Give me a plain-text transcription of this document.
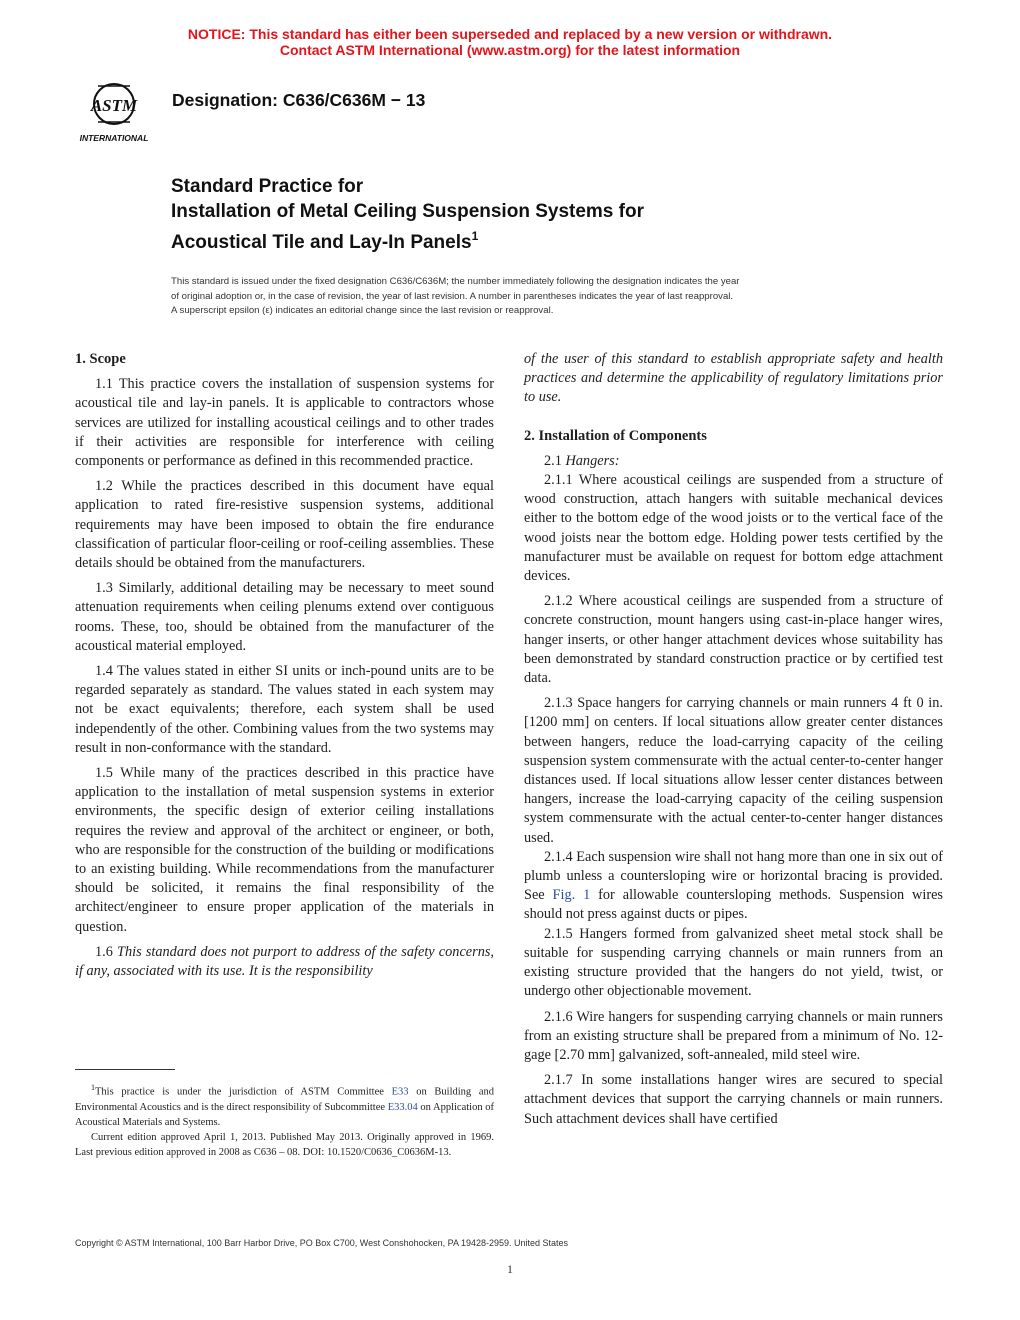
NOTICE: This standard has either been superseded and replaced by a new version or withdrawn.
Contact ASTM International (www.astm.org) for the latest information
ASTM
INTERNATIONAL
Designation: C636/C636M − 13
Standard Practice for
Installation of Metal Ceiling Suspension Systems for
Acoustical Tile and Lay-In Panels$^1$
This standard is issued under the fixed designation C636/C636M; the number immediately following the designation indicates the year
of original adoption or, in the case of revision, the year of last revision. A number in parentheses indicates the year of last reapproval.
A superscript epsilon (ε) indicates an editorial change since the last revision or reapproval.
1. Scope

1.1 This practice covers the installation of suspension systems for acoustical tile and lay-in panels. It is applicable to contractors whose services are utilized for installing acoustical ceilings and to other trades if their activities are responsible for interference with ceiling components or performance as defined in this recommended practice.

1.2 While the practices described in this document have equal application to rated fire-resistive suspension systems, additional requirements may have been imposed to obtain the fire endurance classification of particular floor-ceiling or roof-ceiling assemblies. These details should be obtained from the manufacturers.

1.3 Similarly, additional detailing may be necessary to meet sound attenuation requirements when ceiling plenums extend over contiguous rooms. These, too, should be obtained from the manufacturer of the acoustical material employed.

1.4 The values stated in either SI units or inch-pound units are to be regarded separately as standard. The values stated in each system may not be exact equivalents; therefore, each system shall be used independently of the other. Combining values from the two systems may result in non-conformance with the standard.

1.5 While many of the practices described in this practice have application to the installation of metal suspension systems in exterior environments, the specific design of exterior ceiling installations requires the review and approval of the architect or engineer, or both, who are responsible for the construction of the building or modifications to an existing building. While recommendations from the manufacturer should be solicited, it remains the final responsibility of the architect/engineer to ensure proper application of the materials in question.

1.6 This standard does not purport to address of the safety concerns, if any, associated with its use. It is the responsibility

of the user of this standard to establish appropriate safety and health practices and determine the applicability of regulatory limitations prior to use.

2. Installation of Components

2.1 Hangers:

2.1.1 Where acoustical ceilings are suspended from a structure of wood construction, attach hangers with suitable mechanical devices either to the bottom edge of the wood joists or to the vertical face of the wood joists near the bottom edge. Holding power tests certified by the manufacturer must be available on request for bottom edge attachment devices.

2.1.2 Where acoustical ceilings are suspended from a structure of concrete construction, mount hangers using cast-in-place hanger wires, hanger inserts, or other hanger attachment devices whose suitability has been demonstrated by standard construction practice or by certified test data.

2.1.3 Space hangers for carrying channels or main runners 4 ft 0 in. [1200 mm] on centers. If local situations allow greater center distances between hangers, reduce the load-carrying capacity of the ceiling suspension system commensurate with the actual center-to-center hanger distances used. If local situations allow lesser center distances between hangers, increase the load-carrying capacity of the ceiling suspension system commensurate with the actual center-to-center hanger distances used.

2.1.4 Each suspension wire shall not hang more than one in six out of plumb unless a countersloping wire or horizontal bracing is provided. See Fig. 1 for allowable countersloping methods. Suspension wires should not press against ducts or pipes.

2.1.5 Hangers formed from galvanized sheet metal stock shall be suitable for suspending carrying channels or main runners from an existing structure provided that the hangers do not yield, twist, or undergo other objectionable movement.

2.1.6 Wire hangers for suspending carrying channels or main runners from an existing structure shall be prepared from a minimum of No. 12-gage [2.70 mm] galvanized, soft-annealed, mild steel wire.

2.1.7 In some installations hanger wires are secured to special attachment devices that support the carrying channels or main runners. Such attachment devices shall have certified

$^1$This practice is under the jurisdiction of ASTM Committee E33 on Building and Environmental Acoustics and is the direct responsibility of Subcommittee E33.04 on Application of Acoustical Materials and Systems.

Current edition approved April 1, 2013. Published May 2013. Originally approved in 1969. Last previous edition approved in 2008 as C636 – 08. DOI: 10.1520/C0636_C0636M-13.

Copyright © ASTM International, 100 Barr Harbor Drive, PO Box C700, West Conshohocken, PA 19428-2959. United States
1
